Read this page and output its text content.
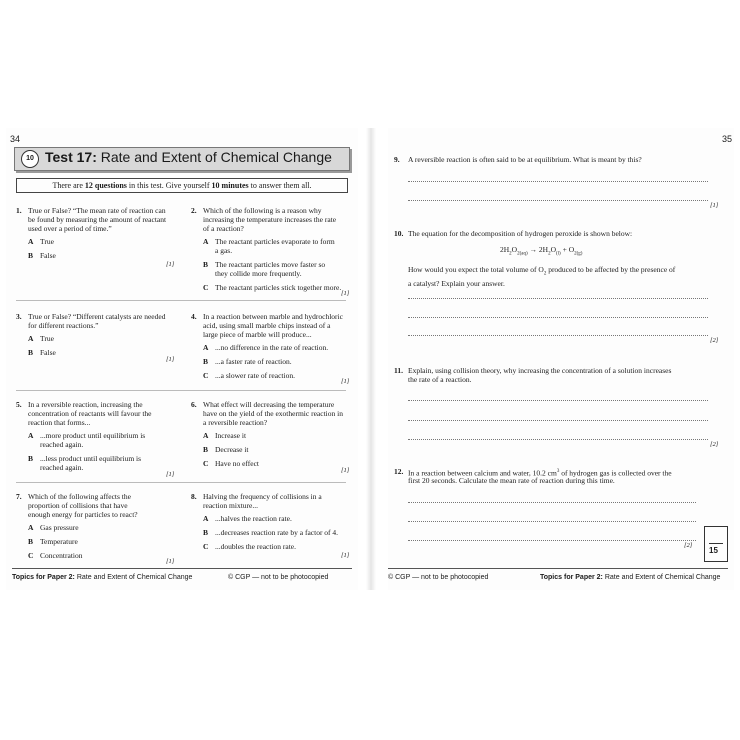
34
10 Test 17: Rate and Extent of Chemical Change
There are 12 questions in this test. Give yourself 10 minutes to answer them all.
1. True or False? “The mean rate of reaction can
be found by measuring the amount of reactant
used over a period of time.”
A True
B False
[1]
2. Which of the following is a reason why
increasing the temperature increases the rate
of a reaction?
A The reactant particles evaporate to form
a gas.
B The reactant particles move faster so
they collide more frequently.
C The reactant particles stick together more.
[1]
3. True or False? “Different catalysts are needed
for different reactions.”
A True
B False
[1]
4. In a reaction between marble and hydrochloric
acid, using small marble chips instead of a
large piece of marble will produce...
A ...no difference in the rate of reaction.
B ...a faster rate of reaction.
C ...a slower rate of reaction.
[1]
5. In a reversible reaction, increasing the
concentration of reactants will favour the
reaction that forms...
A ...more product until equilibrium is
reached again.
B ...less product until equilibrium is
reached again.
[1]
6. What effect will decreasing the temperature
have on the yield of the exothermic reaction in
a reversible reaction?
A Increase it
B Decrease it
C Have no effect
[1]
7. Which of the following affects the
proportion of collisions that have
enough energy for particles to react?
A Gas pressure
B Temperature
C Concentration
[1]
8. Halving the frequency of collisions in a
reaction mixture...
A ...halves the reaction rate.
B ...decreases reaction rate by a factor of 4.
C ...doubles the reaction rate.
[1]
Topics for Paper 2: Rate and Extent of Chemical Change	© CGP — not to be photocopied
35
9. A reversible reaction is often said to be at equilibrium. What is meant by this?
[1]
10. The equation for the decomposition of hydrogen peroxide is shown below:
$2H_2O_{2(aq)} \to 2H_2O_{(l)} + O_{2(g)}$
How would you expect the total volume of $O_2$ produced to be affected by the presence of
a catalyst? Explain your answer.
[2]
11. Explain, using collision theory, why increasing the concentration of a solution increases
the rate of a reaction.
[2]
12. In a reaction between calcium and water, 10.2 $cm^3$ of hydrogen gas is collected over the
first 20 seconds. Calculate the mean rate of reaction during this time.
[2]
15
© CGP — not to be photocopied	Topics for Paper 2: Rate and Extent of Chemical Change
